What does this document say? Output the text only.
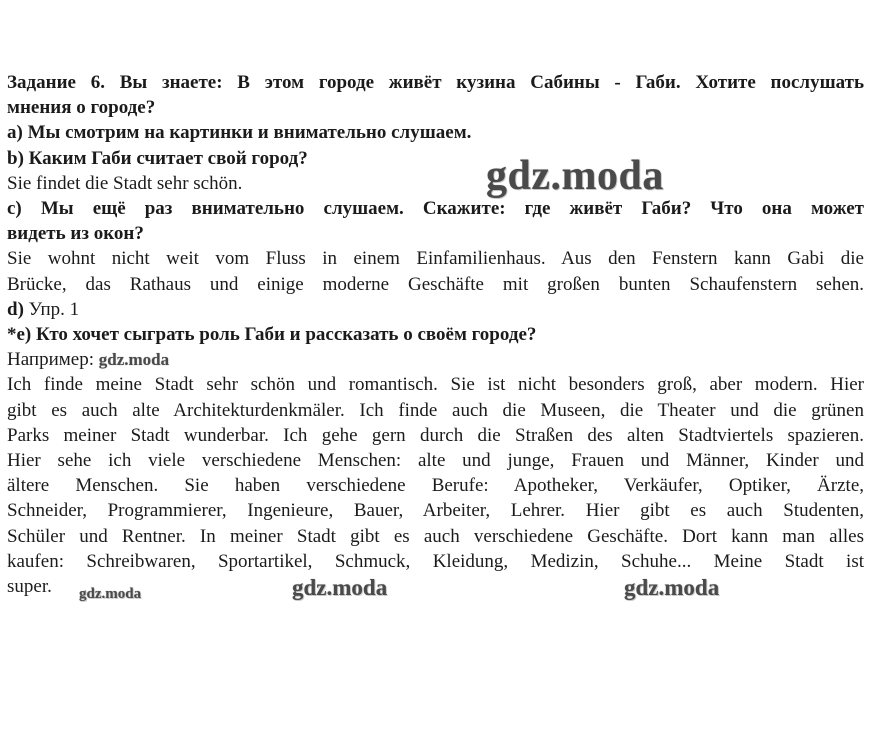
Задание 6. Вы знаете: В этом городе живёт кузина Сабины - Габи. Хотите послушать
мнения о городе?
а) Мы смотрим на картинки и внимательно слушаем.
b) Каким Габи считает свой город?
Sie findet die Stadt sehr schön.
c) Мы ещё раз внимательно слушаем. Скажите: где живёт Габи? Что она может
видеть из окон?
Sie wohnt nicht weit vom Fluss in einem Einfamilienhaus. Aus den Fenstern kann Gabi die
Brücke, das Rathaus und einige moderne Geschäfte mit großen bunten Schaufenstern sehen.
d) Упр. 1
*e) Кто хочет сыграть роль Габи и рассказать о своём городе?
Например: gdz.moda
Ich finde meine Stadt sehr schön und romantisch. Sie ist nicht besonders groß, aber modern. Hier
gibt es auch alte Architekturdenkmäler. Ich finde auch die Museen, die Theater und die grünen
Parks meiner Stadt wunderbar. Ich gehe gern durch die Straßen des alten Stadtviertels spazieren.
Hier sehe ich viele verschiedene Menschen: alte und junge, Frauen und Männer, Kinder und
ältere Menschen. Sie haben verschiedene Berufe: Apotheker, Verkäufer, Optiker, Ärzte,
Schneider, Programmierer, Ingenieure, Bauer, Arbeiter, Lehrer. Hier gibt es auch Studenten,
Schüler und Rentner. In meiner Stadt gibt es auch verschiedene Geschäfte. Dort kann man alles
kaufen: Schreibwaren, Sportartikel, Schmuck, Kleidung, Medizin, Schuhe... Meine Stadt ist
super.
gdz.moda
gdz.moda	gdz.moda	gdz.moda
